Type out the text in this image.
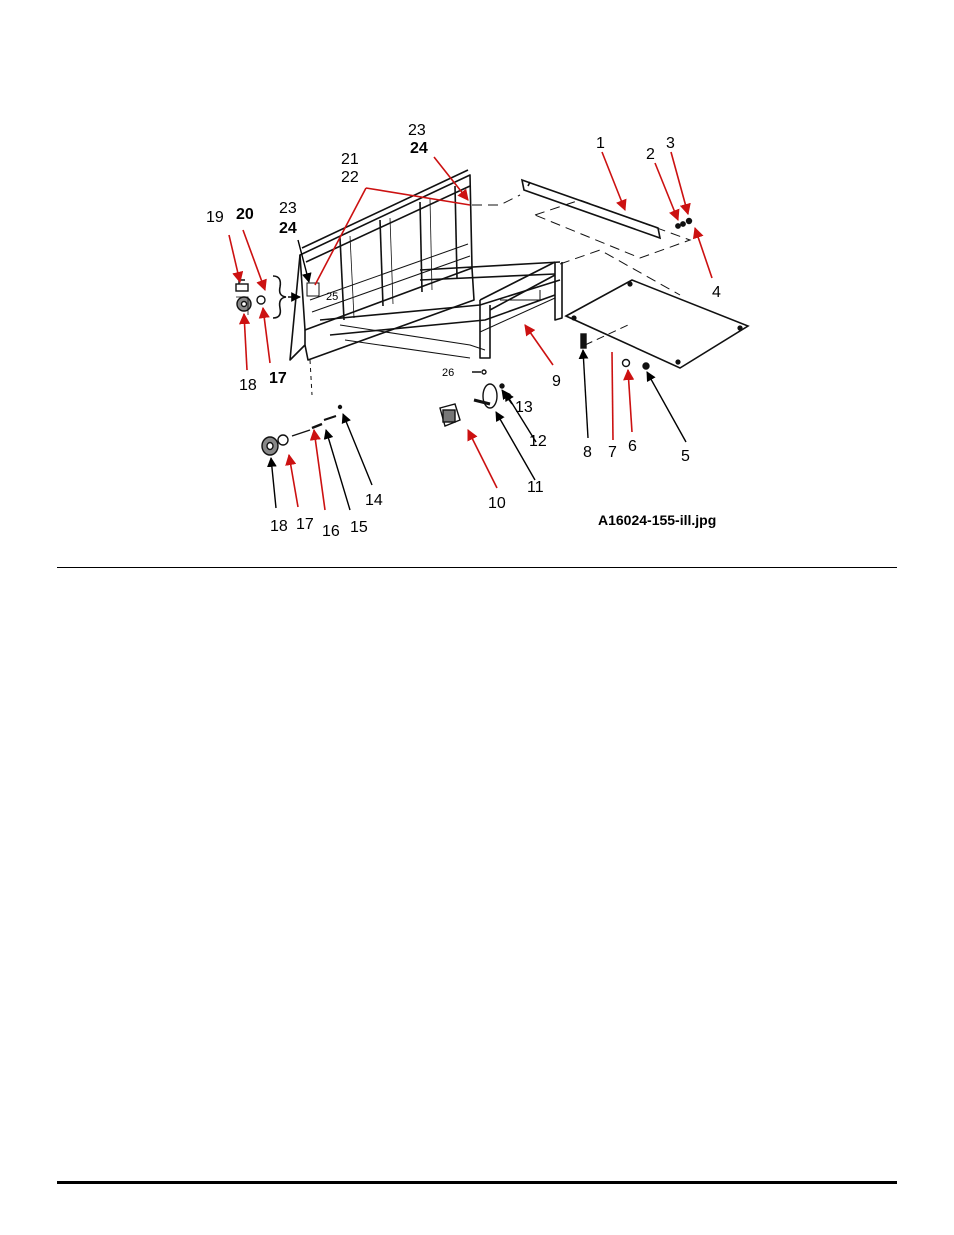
1
2
3
4
5
6
7
8
9
10
11
12
13
14
15
16
17
18
17
18
19 20 23
24
21
22
23
24
25
26
A16024-155-ill.jpg
